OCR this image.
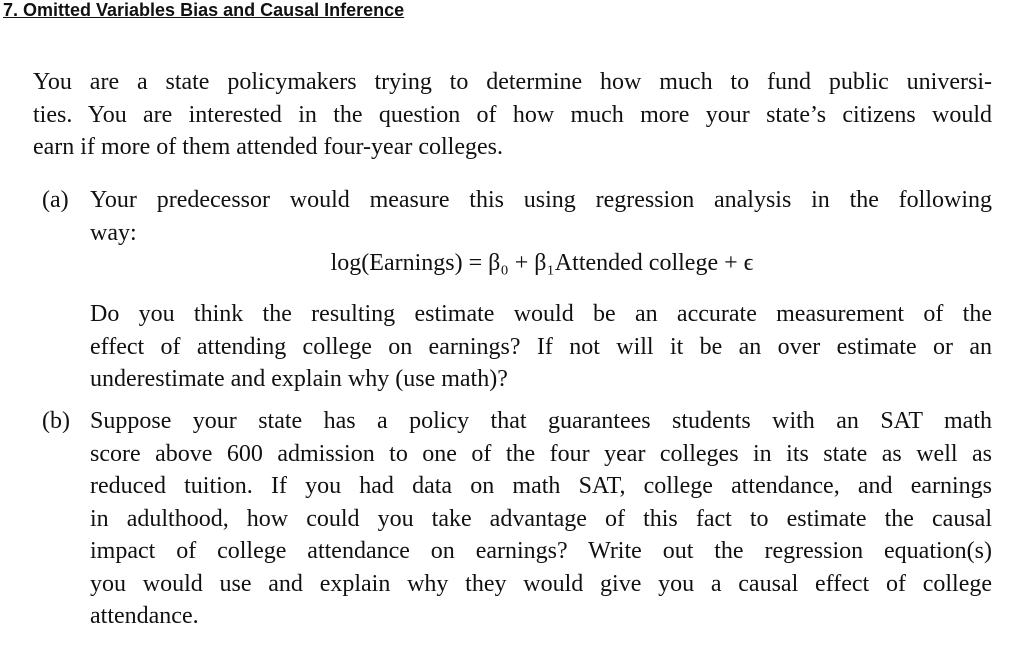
7. Omitted Variables Bias and Causal Inference
You are a state policymakers trying to determine how much to fund public universi-
ties. You are interested in the question of how much more your state’s citizens would
earn if more of them attended four-year colleges.
(a) Your predecessor would measure this using regression analysis in the following
way:
log(Earnings) = β₀ + β₁Attended college + ϵ
Do you think the resulting estimate would be an accurate measurement of the
effect of attending college on earnings? If not will it be an over estimate or an
underestimate and explain why (use math)?
(b) Suppose your state has a policy that guarantees students with an SAT math
score above 600 admission to one of the four year colleges in its state as well as
reduced tuition. If you had data on math SAT, college attendance, and earnings
in adulthood, how could you take advantage of this fact to estimate the causal
impact of college attendance on earnings? Write out the regression equation(s)
you would use and explain why they would give you a causal effect of college
attendance.
